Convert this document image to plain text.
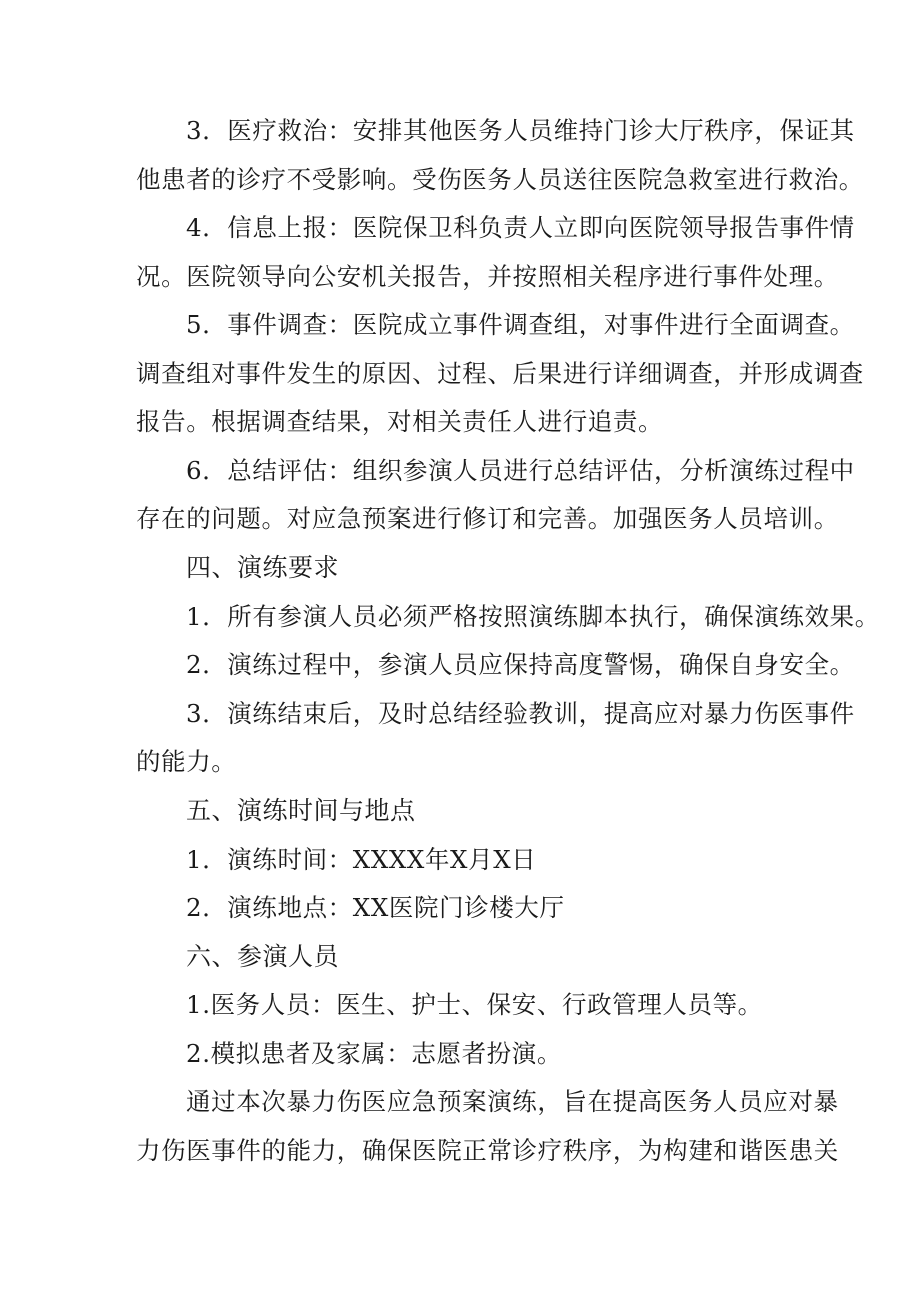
3．医疗救治：安排其他医务人员维持门诊大厅秩序，保证其
他患者的诊疗不受影响。受伤医务人员送往医院急救室进行救治。
4．信息上报：医院保卫科负责人立即向医院领导报告事件情
况。医院领导向公安机关报告，并按照相关程序进行事件处理。
5．事件调查：医院成立事件调查组，对事件进行全面调查。
调查组对事件发生的原因、过程、后果进行详细调查，并形成调查
报告。根据调查结果，对相关责任人进行追责。
6．总结评估：组织参演人员进行总结评估，分析演练过程中
存在的问题。对应急预案进行修订和完善。加强医务人员培训。
四、演练要求
1．所有参演人员必须严格按照演练脚本执行，确保演练效果。
2．演练过程中，参演人员应保持高度警惕，确保自身安全。
3．演练结束后，及时总结经验教训，提高应对暴力伤医事件
的能力。
五、演练时间与地点
1．演练时间：XXXX年X月X日
2．演练地点：XX医院门诊楼大厅
六、参演人员
1.医务人员：医生、护士、保安、行政管理人员等。
2.模拟患者及家属：志愿者扮演。
通过本次暴力伤医应急预案演练，旨在提高医务人员应对暴
力伤医事件的能力，确保医院正常诊疗秩序，为构建和谐医患关
